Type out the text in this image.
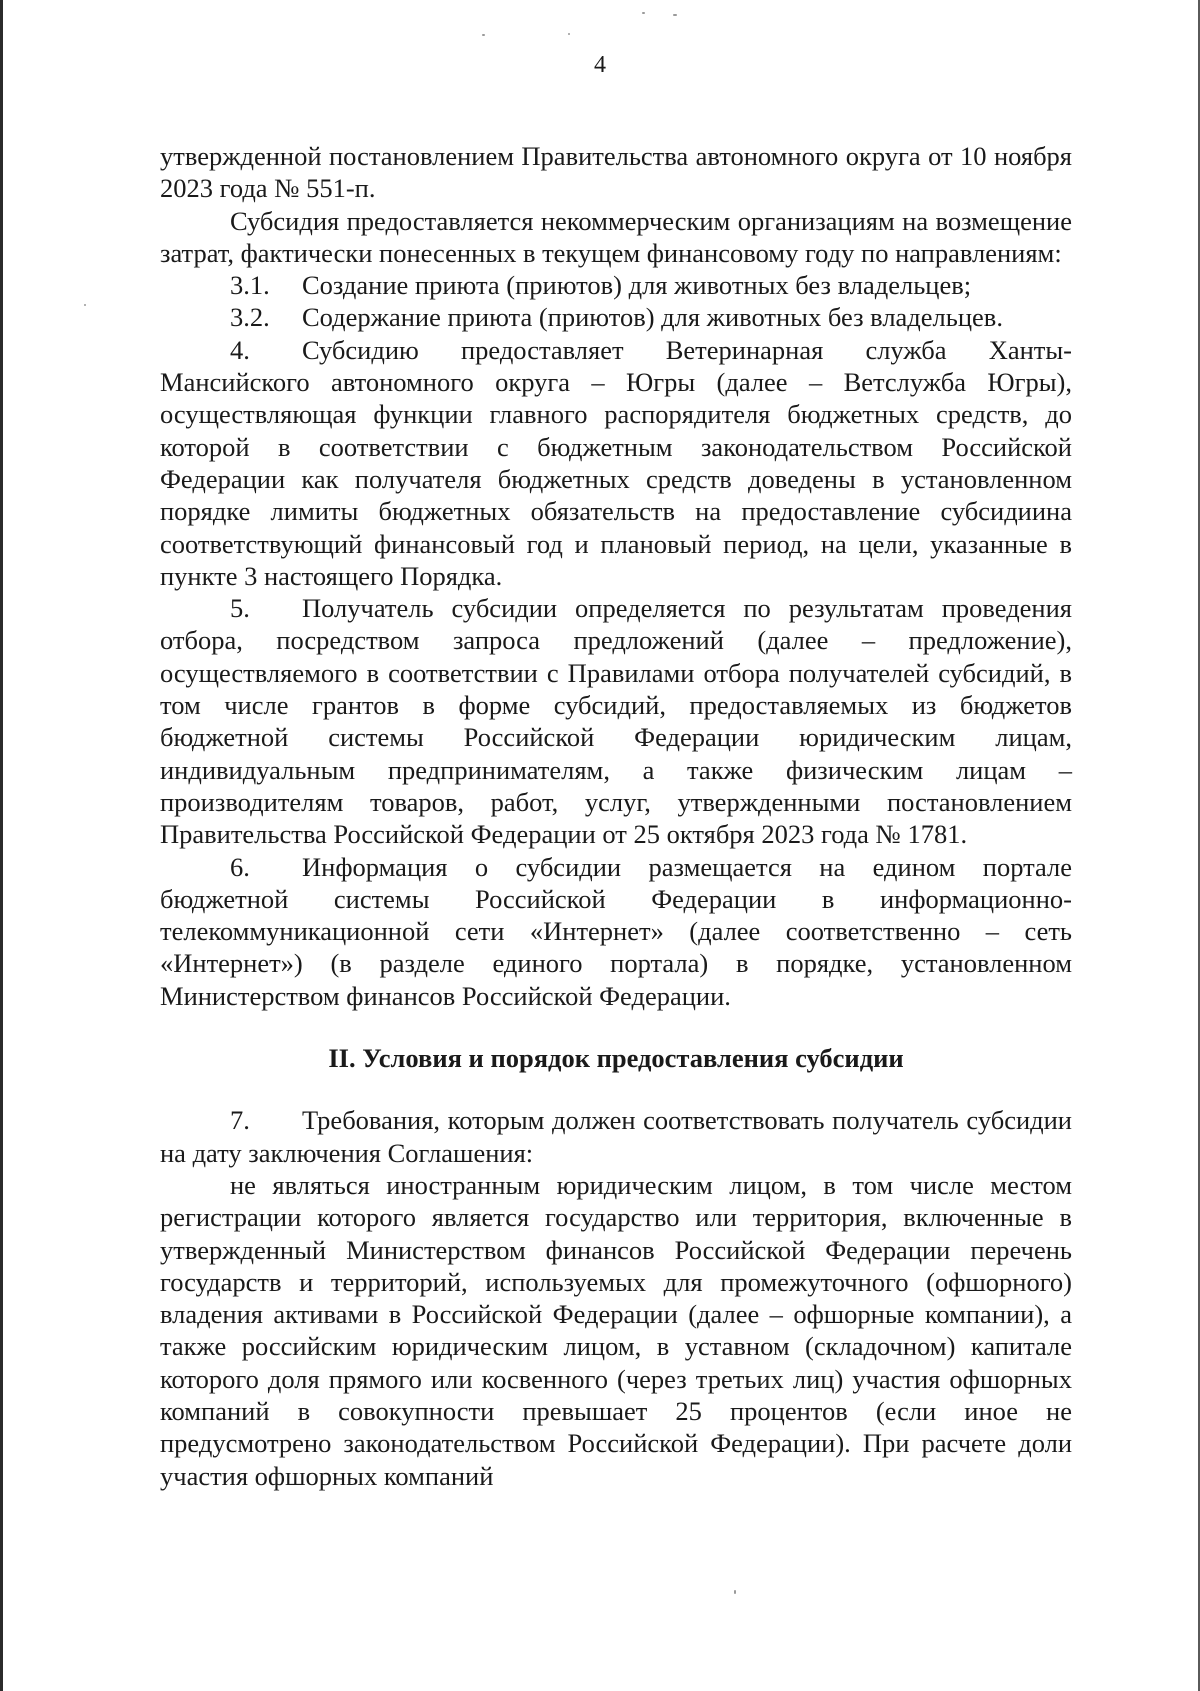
4

утвержденной постановлением Правительства автономного округа от 10 ноября 2023 года № 551-п.

Субсидия предоставляется некоммерческим организациям на возмещение затрат, фактически понесенных в текущем финансовому году по направлениям:

3.1. Создание приюта (приютов) для животных без владельцев;

3.2. Содержание приюта (приютов) для животных без владельцев.

4. Субсидию предоставляет Ветеринарная служба Ханты-Мансийского автономного округа – Югры (далее – Ветслужба Югры), осуществляющая функции главного распорядителя бюджетных средств, до которой в соответствии с бюджетным законодательством Российской Федерации как получателя бюджетных средств доведены в установленном порядке лимиты бюджетных обязательств на предоставление субсидиина соответствующий финансовый год и плановый период, на цели, указанные в пункте 3 настоящего Порядка.

5. Получатель субсидии определяется по результатам проведения отбора, посредством запроса предложений (далее – предложение), осуществляемого в соответствии с Правилами отбора получателей субсидий, в том числе грантов в форме субсидий, предоставляемых из бюджетов бюджетной системы Российской Федерации юридическим лицам, индивидуальным предпринимателям, а также физическим лицам – производителям товаров, работ, услуг, утвержденными постановлением Правительства Российской Федерации от 25 октября 2023 года № 1781.

6. Информация о субсидии размещается на едином портале бюджетной системы Российской Федерации в информационно-телекоммуникационной сети «Интернет» (далее соответственно – сеть «Интернет») (в разделе единого портала) в порядке, установленном Министерством финансов Российской Федерации.

II. Условия и порядок предоставления субсидии

7. Требования, которым должен соответствовать получатель субсидии на дату заключения Соглашения:

не являться иностранным юридическим лицом, в том числе местом регистрации которого является государство или территория, включенные в утвержденный Министерством финансов Российской Федерации перечень государств и территорий, используемых для промежуточного (офшорного) владения активами в Российской Федерации (далее – офшорные компании), а также российским юридическим лицом, в уставном (складочном) капитале которого доля прямого или косвенного (через третьих лиц) участия офшорных компаний в совокупности превышает 25 процентов (если иное не предусмотрено законодательством Российской Федерации). При расчете доли участия офшорных компаний
